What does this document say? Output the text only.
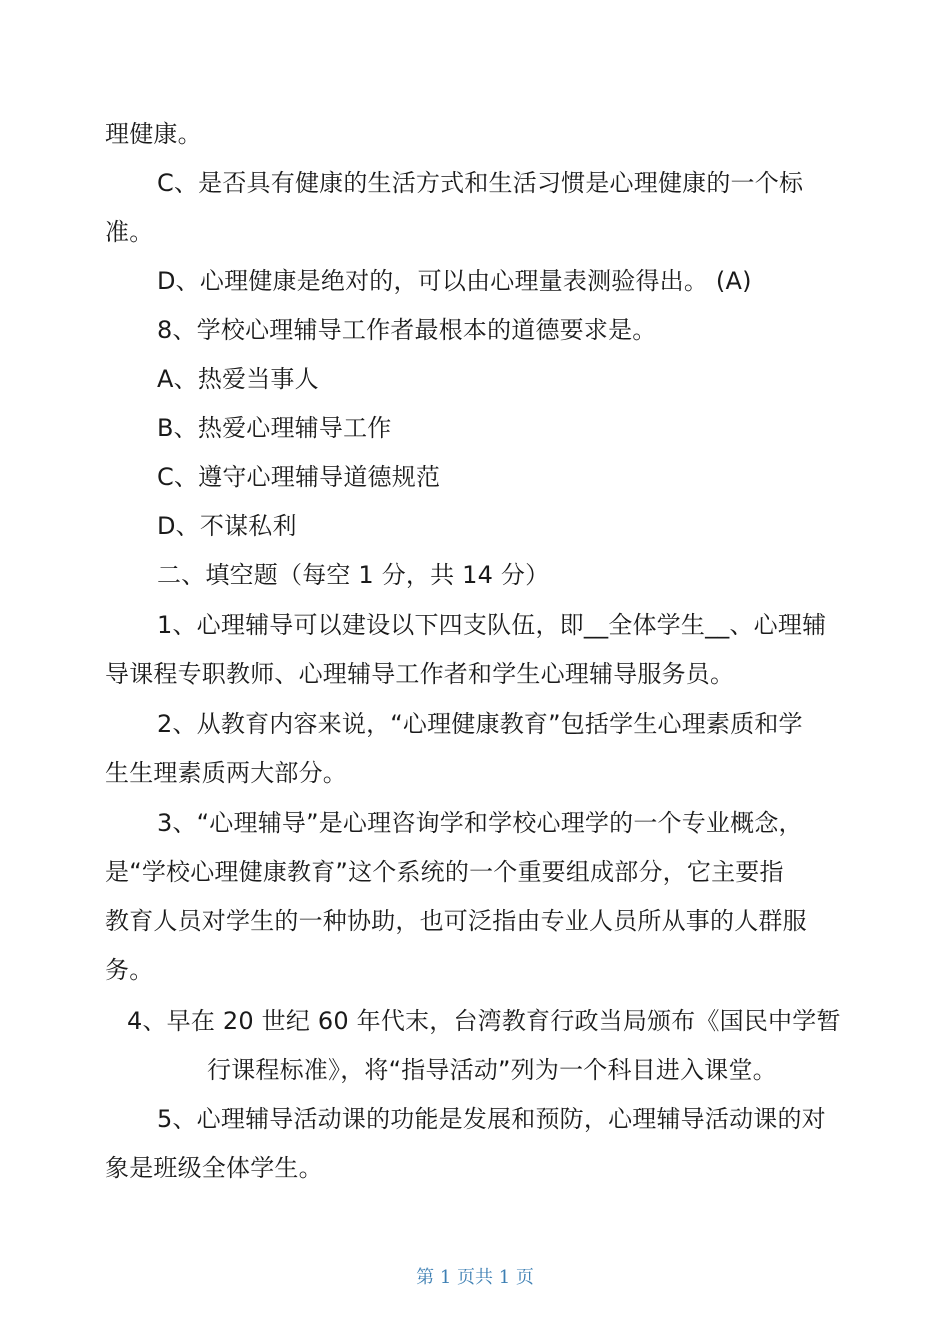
理健康。
C、是否具有健康的生活方式和生活习惯是心理健康的一个标
准。
D、心理健康是绝对的，可以由心理量表测验得出。 (A)
8、学校心理辅导工作者最根本的道德要求是。
A、热爱当事人
B、热爱心理辅导工作
C、遵守心理辅导道德规范
D、不谋私利
二、填空题（每空 1 分，共 14 分）
1、心理辅导可以建设以下四支队伍，即__全体学生__、心理辅
导课程专职教师、心理辅导工作者和学生心理辅导服务员。
2、从教育内容来说，“心理健康教育”包括学生心理素质和学
生生理素质两大部分。
3、“心理辅导”是心理咨询学和学校心理学的一个专业概念，
是“学校心理健康教育”这个系统的一个重要组成部分，它主要指
教育人员对学生的一种协助，也可泛指由专业人员所从事的人群服
务。
4、早在 20 世纪 60 年代末，台湾教育行政当局颁布《国民中学暂
行课程标准》，将“指导活动”列为一个科目进入课堂。
5、心理辅导活动课的功能是发展和预防，心理辅导活动课的对
象是班级全体学生。
第 1 页共 1 页
